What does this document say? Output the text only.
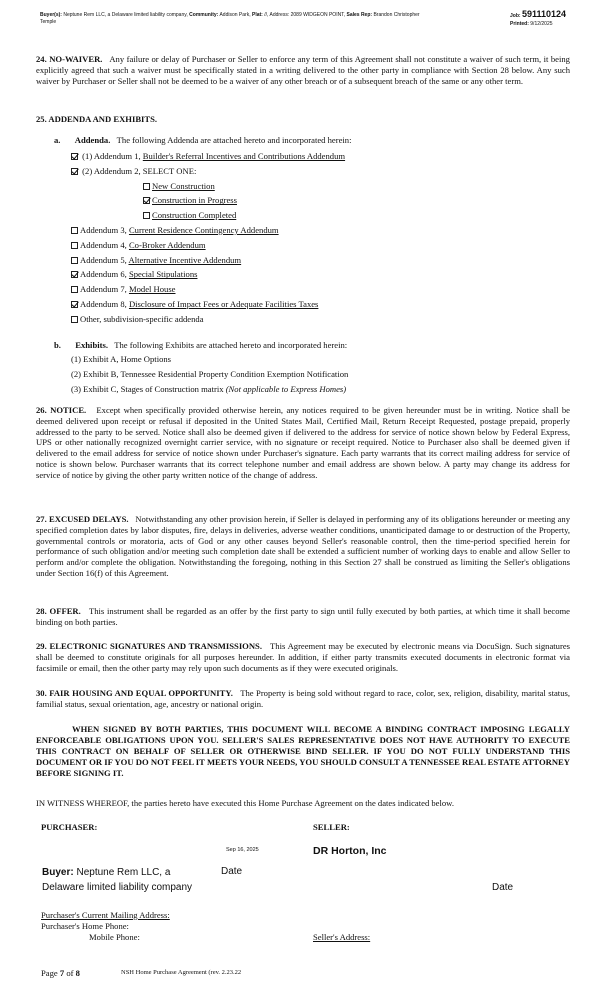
Buyer(s): Neptune Rem LLC, a Delaware limited liability company, Community: Addison Park, Plat: //, Address: 2089 WIDGEON POINT, Sales Rep: Brandon Christopher
Temple
Job: 591110124
Printed: 9/12/2025

24. NO-WAIVER. Any failure or delay of Purchaser or Seller to enforce any term of this Agreement shall not constitute a waiver of such term, it being explicitly agreed that such a waiver must be specifically stated in a writing delivered to the other party in compliance with Section 28 below. Any such waiver by Purchaser or Seller shall not be deemed to be a waiver of any other breach or of a subsequent breach of the same or any other term.

25. ADDENDA AND EXHIBITS.
a. Addenda. The following Addenda are attached hereto and incorporated herein:
(1) Addendum 1, Builder's Referral Incentives and Contributions Addendum
(2) Addendum 2, SELECT ONE:
New Construction
Construction in Progress
Construction Completed
Addendum 3, Current Residence Contingency Addendum
Addendum 4, Co-Broker Addendum
Addendum 5, Alternative Incentive Addendum
Addendum 6, Special Stipulations
Addendum 7, Model House
Addendum 8, Disclosure of Impact Fees or Adequate Facilities Taxes
Other, subdivision-specific addenda
b. Exhibits. The following Exhibits are attached hereto and incorporated herein:
(1) Exhibit A, Home Options
(2) Exhibit B, Tennessee Residential Property Condition Exemption Notification
(3) Exhibit C, Stages of Construction matrix (Not applicable to Express Homes)

26. NOTICE. Except when specifically provided otherwise herein, any notices required to be given hereunder must be in writing. Notice shall be deemed delivered upon receipt or refusal if deposited in the United States Mail, Certified Mail, Return Receipt Requested, postage prepaid, properly addressed to the party to be served. Notice shall also be deemed given if delivered to the address for service of notice shown below by Federal Express, UPS or other nationally recognized overnight carrier service, with no signature or receipt required. Notice to Purchaser also shall be deemed given if delivered to the email address for service of notice shown under Purchaser's signature. Each party warrants that its correct mailing address for service of notice is shown below. Purchaser warrants that its correct telephone number and email address are shown below. A party may change its address for service of notice by giving the other party written notice of the change of address.

27. EXCUSED DELAYS. Notwithstanding any other provision herein, if Seller is delayed in performing any of its obligations hereunder or meeting any specified completion dates by labor disputes, fire, delays in deliveries, adverse weather conditions, unanticipated damage to or destruction of the Property, governmental controls or moratoria, acts of God or any other causes beyond Seller's reasonable control, then the time-period specified herein for performance of such obligation and/or meeting such completion date shall be extended a sufficient number of working days to enable and allow Seller to perform and/or complete the obligation. Notwithstanding the foregoing, nothing in this Section 27 shall be construed as limiting the Seller's obligations under Section 16(f) of this Agreement.

28. OFFER. This instrument shall be regarded as an offer by the first party to sign until fully executed by both parties, at which time it shall become binding on both parties.

29. ELECTRONIC SIGNATURES AND TRANSMISSIONS. This Agreement may be executed by electronic means via DocuSign. Such signatures shall be deemed to constitute originals for all purposes hereunder. In addition, if either party transmits executed documents in electronic format via facsimile or email, then the other party may rely upon such documents as if they were executed originals.

30. FAIR HOUSING AND EQUAL OPPORTUNITY. The Property is being sold without regard to race, color, sex, religion, disability, marital status, familial status, sexual orientation, age, ancestry or national origin.

WHEN SIGNED BY BOTH PARTIES, THIS DOCUMENT WILL BECOME A BINDING CONTRACT IMPOSING LEGALLY ENFORCEABLE OBLIGATIONS UPON YOU. SELLER'S SALES REPRESENTATIVE DOES NOT HAVE AUTHORITY TO EXECUTE THIS CONTRACT ON BEHALF OF SELLER OR OTHERWISE BIND SELLER. IF YOU DO NOT FULLY UNDERSTAND THIS DOCUMENT OR IF YOU DO NOT FEEL IT MEETS YOUR NEEDS, YOU SHOULD CONSULT A TENNESSEE REAL ESTATE ATTORNEY BEFORE SIGNING IT.
IN WITNESS WHEREOF, the parties hereto have executed this Home Purchase Agreement on the dates indicated below.
PURCHASER:	SELLER:
Sep 16, 2025	DR Horton, Inc
Buyer: Neptune Rem LLC, a
Delaware limited liability company
Date
Date
Purchaser's Current Mailing Address:
Purchaser's Home Phone:
Mobile Phone:	Seller's Address:
Page 7 of 8	NSH Home Purchase Agreement (rev. 2.23.22
